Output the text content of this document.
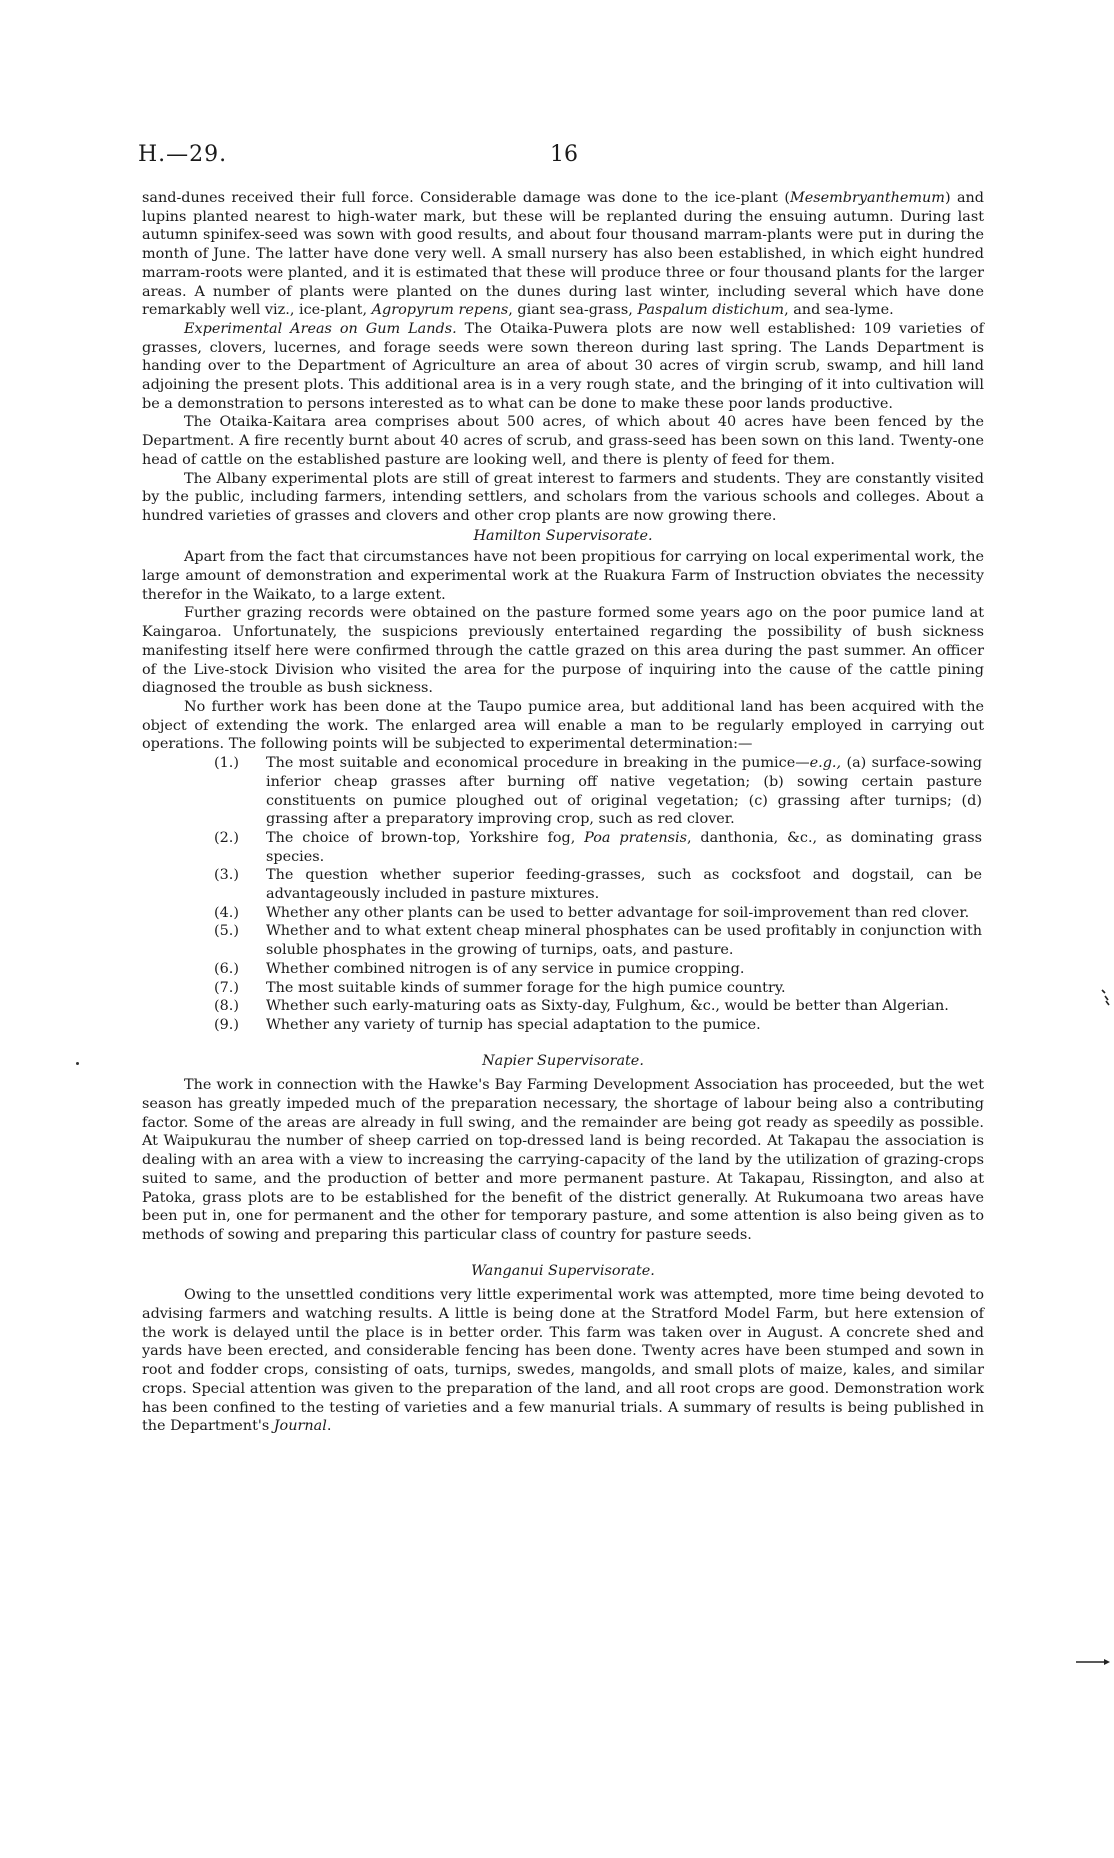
H.—29.	16

sand-dunes received their full force. Considerable damage was done to the ice-plant (Mesembryanthemum) and lupins planted nearest to high-water mark, but these will be replanted during the ensuing autumn. During last autumn spinifex-seed was sown with good results, and about four thousand marram-plants were put in during the month of June. The latter have done very well. A small nursery has also been established, in which eight hundred marram-roots were planted, and it is estimated that these will produce three or four thousand plants for the larger areas. A number of plants were planted on the dunes during last winter, including several which have done remarkably well viz., ice-plant, Agropyrum repens, giant sea-grass, Paspalum distichum, and sea-lyme.

Experimental Areas on Gum Lands. The Otaika-Puwera plots are now well established: 109 varieties of grasses, clovers, lucernes, and forage seeds were sown thereon during last spring. The Lands Department is handing over to the Department of Agriculture an area of about 30 acres of virgin scrub, swamp, and hill land adjoining the present plots. This additional area is in a very rough state, and the bringing of it into cultivation will be a demonstration to persons interested as to what can be done to make these poor lands productive.

The Otaika-Kaitara area comprises about 500 acres, of which about 40 acres have been fenced by the Department. A fire recently burnt about 40 acres of scrub, and grass-seed has been sown on this land. Twenty-one head of cattle on the established pasture are looking well, and there is plenty of feed for them.

The Albany experimental plots are still of great interest to farmers and students. They are constantly visited by the public, including farmers, intending settlers, and scholars from the various schools and colleges. About a hundred varieties of grasses and clovers and other crop plants are now growing there.

Hamilton Supervisorate.

Apart from the fact that circumstances have not been propitious for carrying on local experimental work, the large amount of demonstration and experimental work at the Ruakura Farm of Instruction obviates the necessity therefor in the Waikato, to a large extent.

Further grazing records were obtained on the pasture formed some years ago on the poor pumice land at Kaingaroa. Unfortunately, the suspicions previously entertained regarding the possibility of bush sickness manifesting itself here were confirmed through the cattle grazed on this area during the past summer. An officer of the Live-stock Division who visited the area for the purpose of inquiring into the cause of the cattle pining diagnosed the trouble as bush sickness.

No further work has been done at the Taupo pumice area, but additional land has been acquired with the object of extending the work. The enlarged area will enable a man to be regularly employed in carrying out operations. The following points will be subjected to experimental determination:—

(1.) The most suitable and economical procedure in breaking in the pumice—e.g., (a) surface-sowing inferior cheap grasses after burning off native vegetation; (b) sowing certain pasture constituents on pumice ploughed out of original vegetation; (c) grassing after turnips; (d) grassing after a preparatory improving crop, such as red clover.
(2.) The choice of brown-top, Yorkshire fog, Poa pratensis, danthonia, &c., as dominating grass species.
(3.) The question whether superior feeding-grasses, such as cocksfoot and dogstail, can be advantageously included in pasture mixtures.
(4.) Whether any other plants can be used to better advantage for soil-improvement than red clover.
(5.) Whether and to what extent cheap mineral phosphates can be used profitably in conjunction with soluble phosphates in the growing of turnips, oats, and pasture.
(6.) Whether combined nitrogen is of any service in pumice cropping.
(7.) The most suitable kinds of summer forage for the high pumice country.
(8.) Whether such early-maturing oats as Sixty-day, Fulghum, &c., would be better than Algerian.
(9.) Whether any variety of turnip has special adaptation to the pumice.

Napier Supervisorate.

The work in connection with the Hawke's Bay Farming Development Association has proceeded, but the wet season has greatly impeded much of the preparation necessary, the shortage of labour being also a contributing factor. Some of the areas are already in full swing, and the remainder are being got ready as speedily as possible. At Waipukurau the number of sheep carried on top-dressed land is being recorded. At Takapau the association is dealing with an area with a view to increasing the carrying-capacity of the land by the utilization of grazing-crops suited to same, and the production of better and more permanent pasture. At Takapau, Rissington, and also at Patoka, grass plots are to be established for the benefit of the district generally. At Rukumoana two areas have been put in, one for permanent and the other for temporary pasture, and some attention is also being given as to methods of sowing and preparing this particular class of country for pasture seeds.

Wanganui Supervisorate.

Owing to the unsettled conditions very little experimental work was attempted, more time being devoted to advising farmers and watching results. A little is being done at the Stratford Model Farm, but here extension of the work is delayed until the place is in better order. This farm was taken over in August. A concrete shed and yards have been erected, and considerable fencing has been done. Twenty acres have been stumped and sown in root and fodder crops, consisting of oats, turnips, swedes, mangolds, and small plots of maize, kales, and similar crops. Special attention was given to the preparation of the land, and all root crops are good. Demonstration work has been confined to the testing of varieties and a few manurial trials. A summary of results is being published in the Department's Journal.
